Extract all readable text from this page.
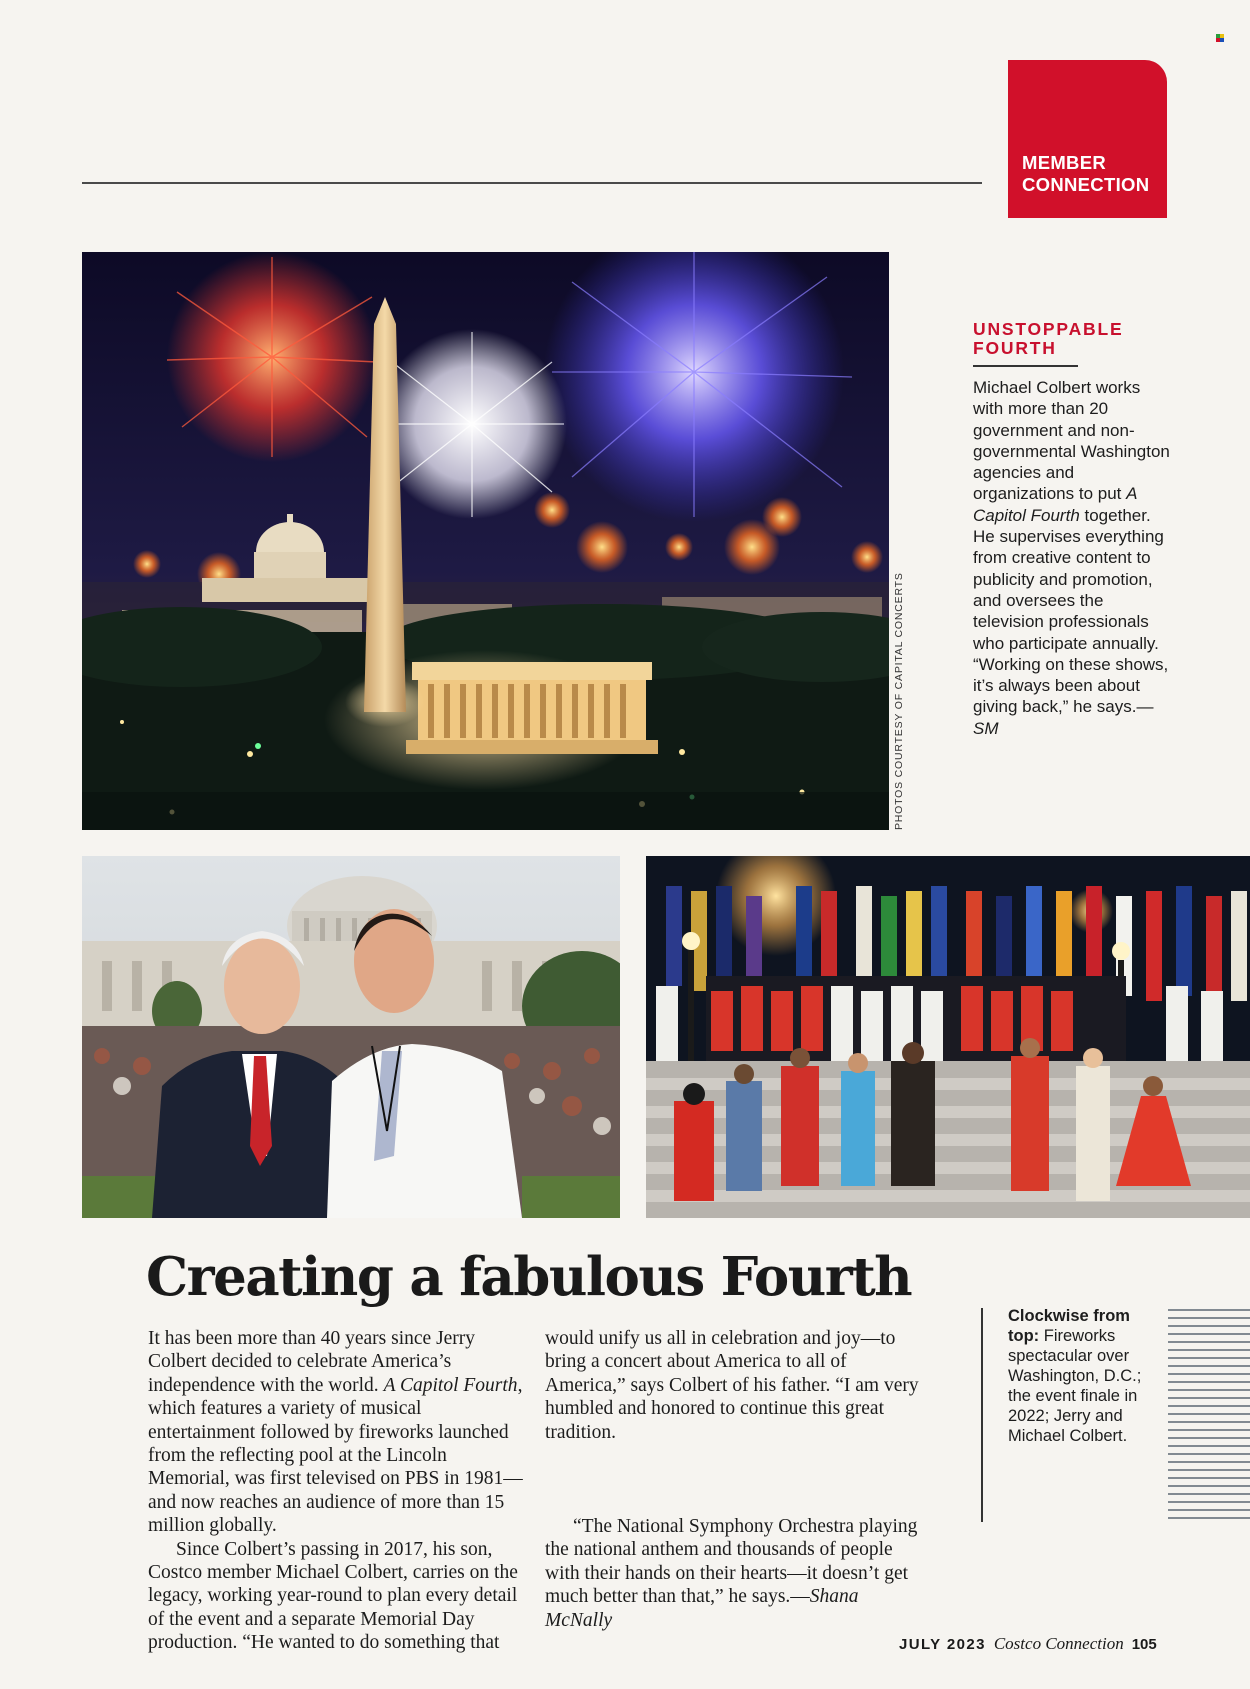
MEMBER
CONNECTION
PHOTOS COURTESY OF CAPITAL CONCERTS
UNSTOPPABLE
FOURTH

Michael Colbert works with more than 20 government and non-governmental Washington agencies and organizations to put A Capitol Fourth together. He supervises everything from creative content to publicity and promotion, and oversees the television professionals who participate annually. “Working on these shows, it’s always been about giving back,” he says.—SM

Creating a fabulous Fourth

It has been more than 40 years since Jerry Colbert decided to celebrate America’s independence with the world. A Capitol Fourth, which features a variety of musical entertainment followed by fireworks launched from the reflecting pool at the Lincoln Memorial, was first televised on PBS in 1981—and now reaches an audience of more than 15 million globally.

Since Colbert’s passing in 2017, his son, Costco member Michael Colbert, carries on the legacy, working year-round to plan every detail of the event and a separate Memorial Day production. “He wanted to do something that

would unify us all in celebration and joy—to bring a concert about America to all of America,” says Colbert of his father. “I am very humbled and honored to continue this great tradition.

“The National Symphony Orchestra playing the national anthem and thousands of people with their hands on their hearts—it doesn’t get much better than that,” he says.—Shana McNally

Clockwise from top: Fireworks spectacular over Washington, D.C.; the event finale in 2022; Jerry and Michael Colbert.

JULY 2023 Costco Connection 105
